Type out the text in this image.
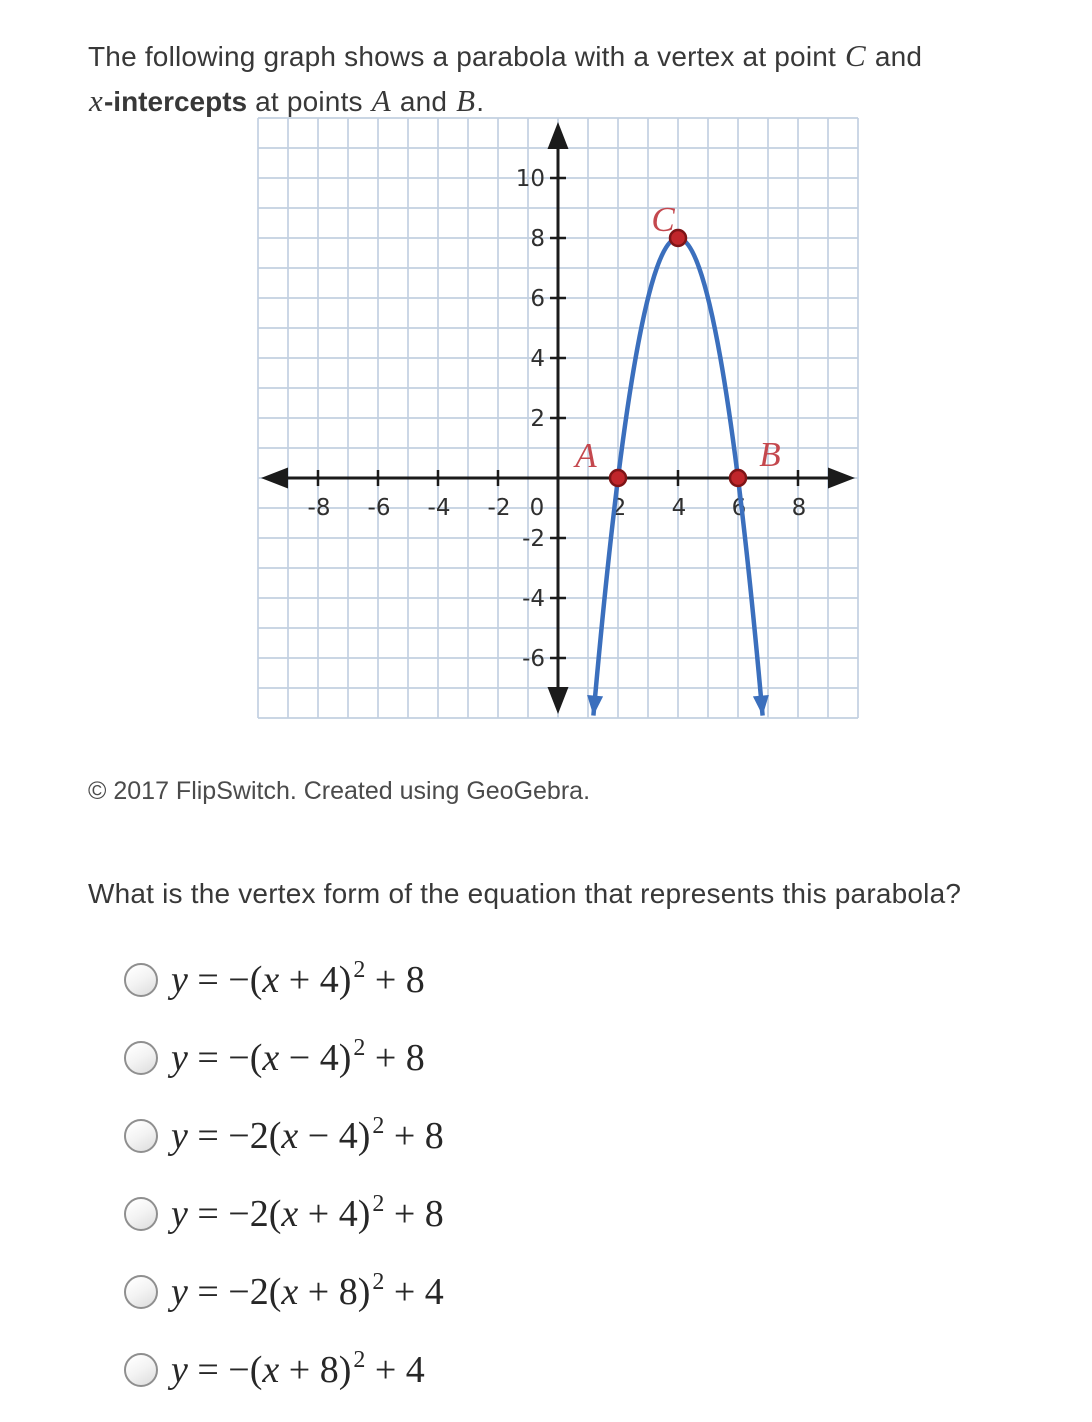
The following graph shows a parabola with a vertex at point C and
x-intercepts at points A and B.

-8 -6 -4 -2 0	2 4 6 8
10
8
6
4
2
-2
-4
-6
A	B
C

© 2017 FlipSwitch. Created using GeoGebra.

What is the vertex form of the equation that represents this parabola?

$y = -(x + 4)^2 + 8$
$y = -(x - 4)^2 + 8$
$y = -2(x - 4)^2 + 8$
$y = -2(x + 4)^2 + 8$
$y = -2(x + 8)^2 + 4$
$y = -(x + 8)^2 + 4$
